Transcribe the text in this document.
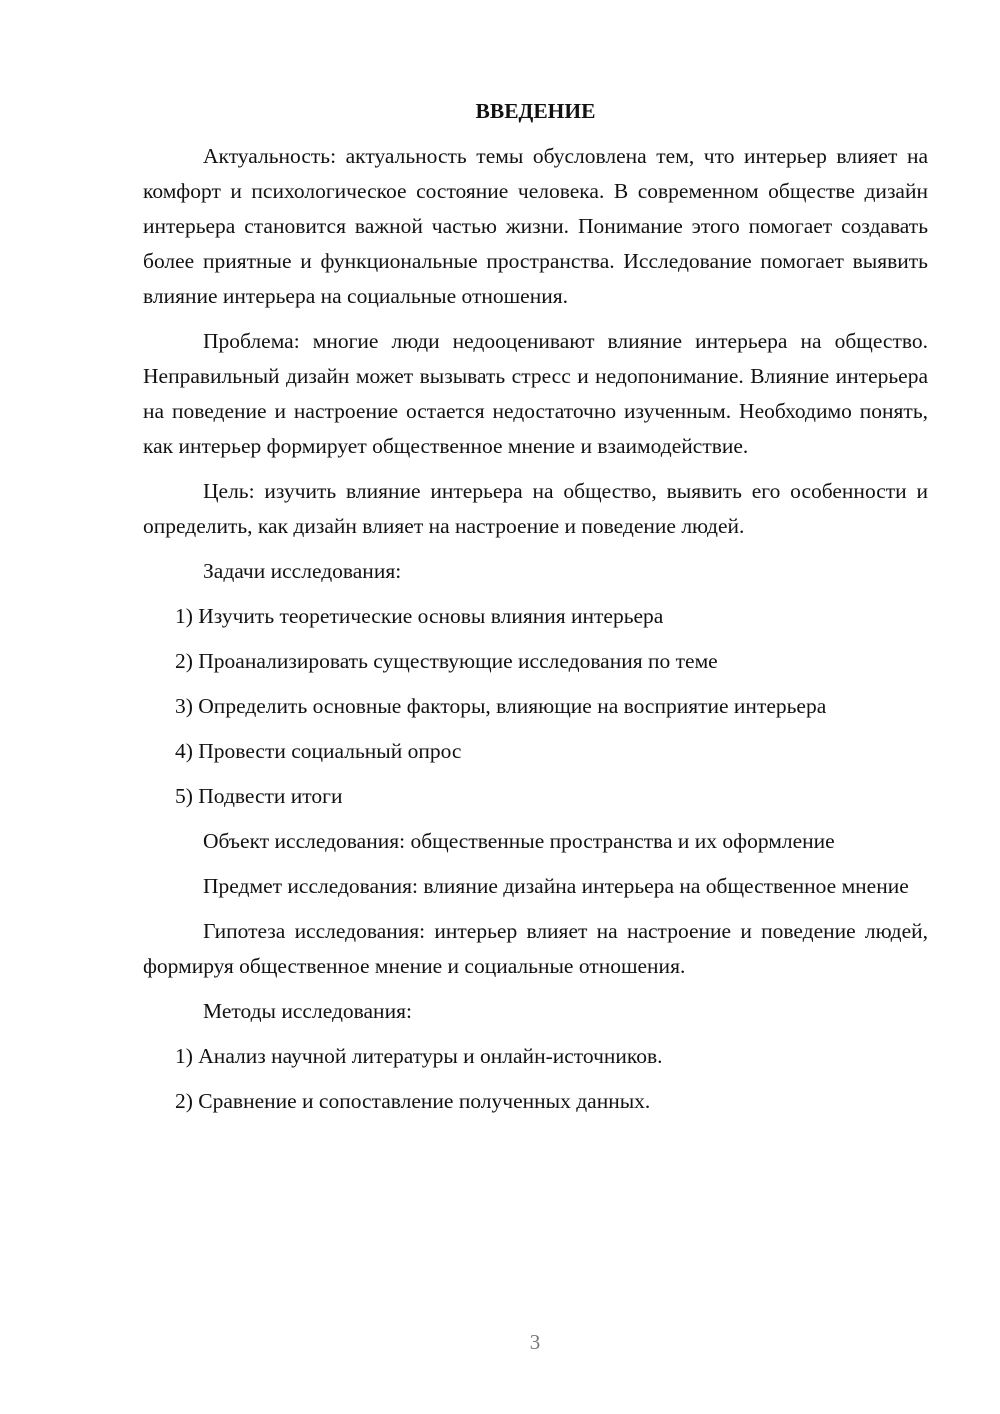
ВВЕДЕНИЕ

Актуальность: актуальность темы обусловлена тем, что интерьер влияет на комфорт и психологическое состояние человека. В современном обществе дизайн интерьера становится важной частью жизни. Понимание этого помогает создавать более приятные и функциональные пространства. Исследование помогает выявить влияние интерьера на социальные отношения.

Проблема: многие люди недооценивают влияние интерьера на общество. Неправильный дизайн может вызывать стресс и недопонимание. Влияние интерьера на поведение и настроение остается недостаточно изученным. Необходимо понять, как интерьер формирует общественное мнение и взаимодействие.

Цель: изучить влияние интерьера на общество, выявить его особенности и определить, как дизайн влияет на настроение и поведение людей.

Задачи исследования:

1) Изучить теоретические основы влияния интерьера
2) Проанализировать существующие исследования по теме
3) Определить основные факторы, влияющие на восприятие интерьера
4) Провести социальный опрос
5) Подвести итоги

Объект исследования: общественные пространства и их оформление

Предмет исследования: влияние дизайна интерьера на общественное мнение

Гипотеза исследования: интерьер влияет на настроение и поведение людей, формируя общественное мнение и социальные отношения.

Методы исследования:

1) Анализ научной литературы и онлайн-источников.
2) Сравнение и сопоставление полученных данных.
3
